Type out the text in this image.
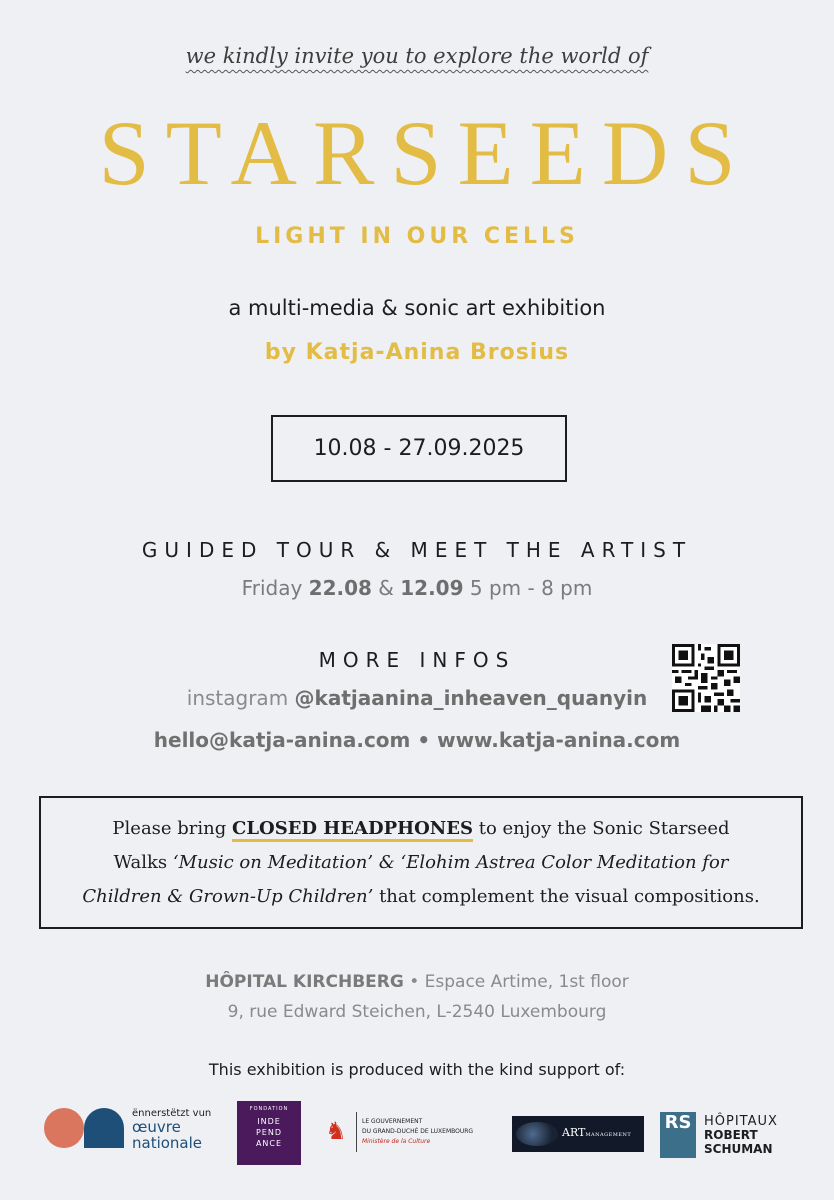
we kindly invite you to explore the world of
STARSEEDS
LIGHT IN OUR CELLS
a multi-media & sonic art exhibition
by Katja-Anina Brosius
10.08 - 27.09.2025
GUIDED TOUR & MEET THE ARTIST
Friday 22.08 & 12.09 5 pm - 8 pm
MORE INFOS
instagram @katjaanina_inheaven_quanyin
hello@katja-anina.com • www.katja-anina.com
Please bring CLOSED HEADPHONES to enjoy the Sonic Starseed
Walks ‘Music on Meditation’ & ‘Elohim Astrea Color Meditation for
Children & Grown-Up Children’ that complement the visual compositions.
HÔPITAL KIRCHBERG • Espace Artime, 1st floor
9, rue Edward Steichen, L-2540 Luxembourg
This exhibition is produced with the kind support of:
ënnerstëtzt vun
œuvre
nationale
FONDATION
INDE
PEND
ANCE	♞	LE GOUVERNEMENT
DU GRAND-DUCHÉ DE LUXEMBOURG
Ministère de la Culture
ARTMANAGEMENT
RS HÔPITAUX
ROBERT
SCHUMAN
